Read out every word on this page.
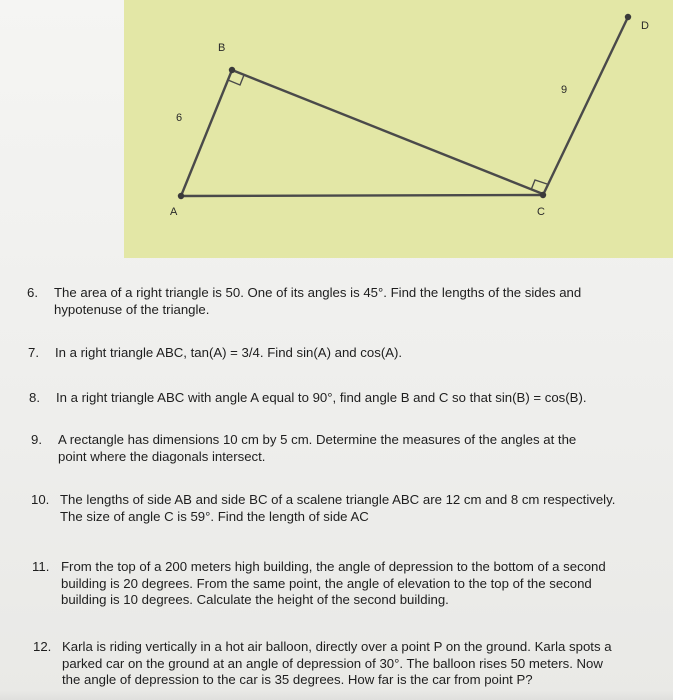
B
6
A	C
9
D
6. The area of a right triangle is 50. One of its angles is 45°. Find the lengths of the sides and
hypotenuse of the triangle.
7. In a right triangle ABC, tan(A) = 3/4. Find sin(A) and cos(A).
8. In a right triangle ABC with angle A equal to 90°, find angle B and C so that sin(B) = cos(B).
9. A rectangle has dimensions 10 cm by 5 cm. Determine the measures of the angles at the
point where the diagonals intersect.
10. The lengths of side AB and side BC of a scalene triangle ABC are 12 cm and 8 cm respectively.
The size of angle C is 59°. Find the length of side AC
11. From the top of a 200 meters high building, the angle of depression to the bottom of a second
building is 20 degrees. From the same point, the angle of elevation to the top of the second
building is 10 degrees. Calculate the height of the second building.
12. Karla is riding vertically in a hot air balloon, directly over a point P on the ground. Karla spots a
parked car on the ground at an angle of depression of 30°. The balloon rises 50 meters. Now
the angle of depression to the car is 35 degrees. How far is the car from point P?
